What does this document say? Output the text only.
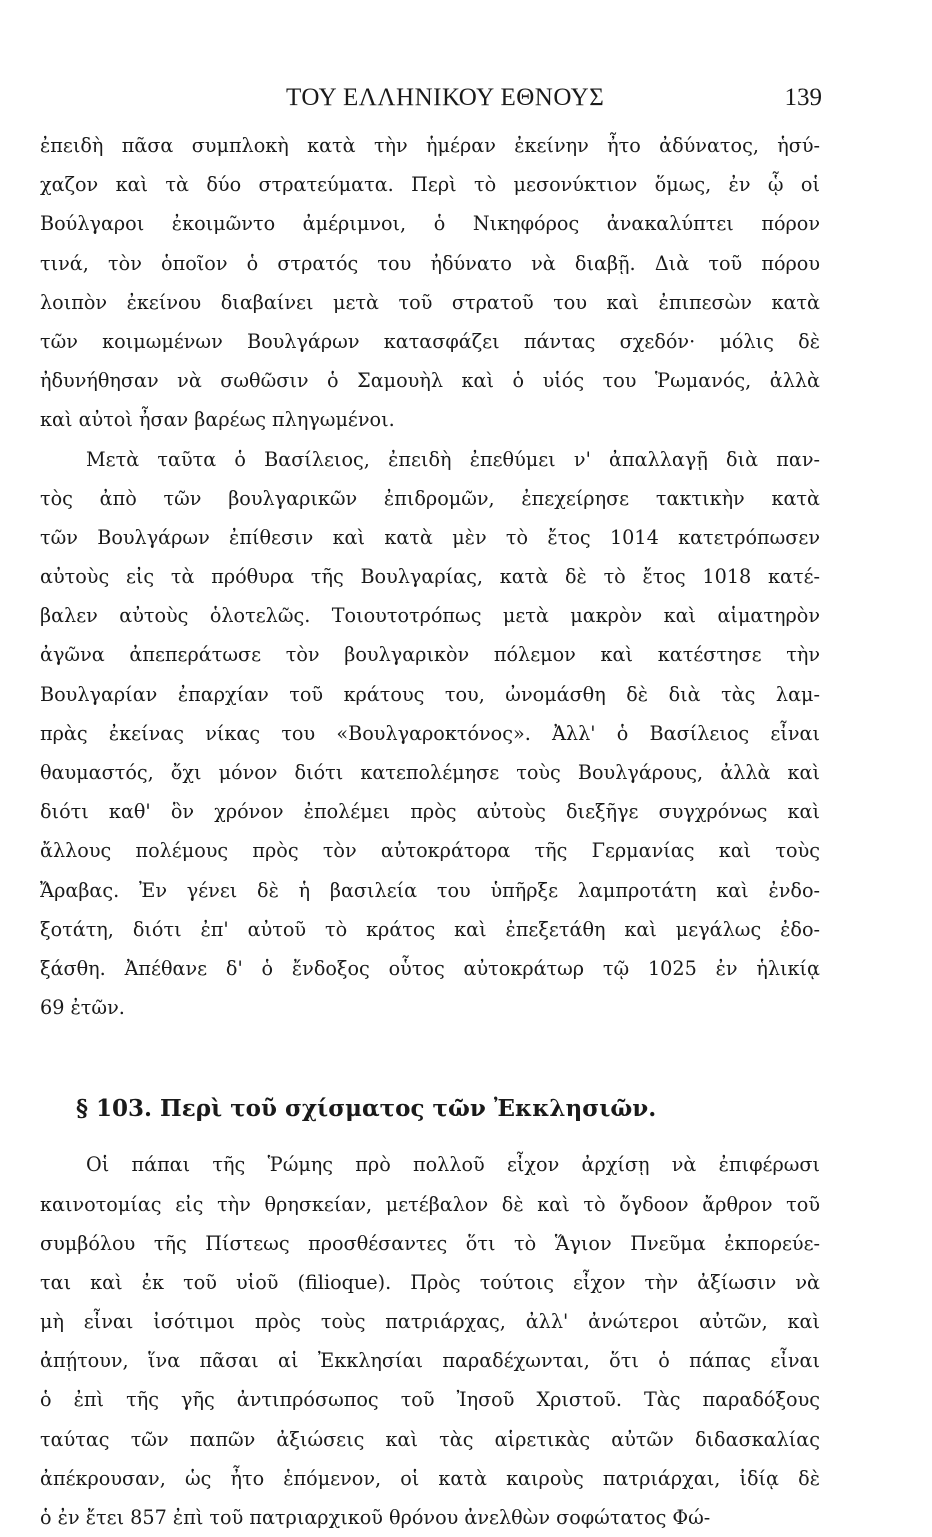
ΤΟΥ ΕΛΛΗΝΙΚΟΥ ΕΘΝΟΥΣ	139
ἐπειδὴ πᾶσα συμπλοκὴ κατὰ τὴν ἡμέραν ἐκείνην ἦτο ἀδύνατος, ἡσύ-
χαζον καὶ τὰ δύο στρατεύματα. Περὶ τὸ μεσονύκτιον ὅμως, ἐν ᾧ οἱ
Βούλγαροι ἐκοιμῶντο ἀμέριμνοι, ὁ Νικηφόρος ἀνακαλύπτει πόρον
τινά, τὸν ὁποῖον ὁ στρατός του ἠδύνατο νὰ διαβῇ. Διὰ τοῦ πόρου
λοιπὸν ἐκείνου διαβαίνει μετὰ τοῦ στρατοῦ του καὶ ἐπιπεσὼν κατὰ
τῶν κοιμωμένων Βουλγάρων κατασφάζει πάντας σχεδόν· μόλις δὲ
ἠδυνήθησαν νὰ σωθῶσιν ὁ Σαμουὴλ καὶ ὁ υἱός του Ῥωμανός, ἀλλὰ
καὶ αὐτοὶ ἦσαν βαρέως πληγωμένοι.
Μετὰ ταῦτα ὁ Βασίλειος, ἐπειδὴ ἐπεθύμει ν' ἀπαλλαγῇ διὰ παν-
τὸς ἀπὸ τῶν βουλγαρικῶν ἐπιδρομῶν, ἐπεχείρησε τακτικὴν κατὰ
τῶν Βουλγάρων ἐπίθεσιν καὶ κατὰ μὲν τὸ ἔτος 1014 κατετρόπωσεν
αὐτοὺς εἰς τὰ πρόθυρα τῆς Βουλγαρίας, κατὰ δὲ τὸ ἔτος 1018 κατέ-
βαλεν αὐτοὺς ὁλοτελῶς. Τοιουτοτρόπως μετὰ μακρὸν καὶ αἱματηρὸν
ἀγῶνα ἀπεπεράτωσε τὸν βουλγαρικὸν πόλεμον καὶ κατέστησε τὴν
Βουλγαρίαν ἐπαρχίαν τοῦ κράτους του, ὠνομάσθη δὲ διὰ τὰς λαμ-
πρὰς ἐκείνας νίκας του «Βουλγαροκτόνος». Ἀλλ' ὁ Βασίλειος εἶναι
θαυμαστός, ὄχι μόνον διότι κατεπολέμησε τοὺς Βουλγάρους, ἀλλὰ καὶ
διότι καθ' ὃν χρόνον ἐπολέμει πρὸς αὐτοὺς διεξῆγε συγχρόνως καὶ
ἄλλους πολέμους πρὸς τὸν αὐτοκράτορα τῆς Γερμανίας καὶ τοὺς
Ἄραβας. Ἐν γένει δὲ ἡ βασιλεία του ὑπῆρξε λαμπροτάτη καὶ ἐνδο-
ξοτάτη, διότι ἐπ' αὐτοῦ τὸ κράτος καὶ ἐπεξετάθη καὶ μεγάλως ἐδο-
ξάσθη. Ἀπέθανε δ' ὁ ἔνδοξος οὗτος αὐτοκράτωρ τῷ 1025 ἐν ἡλικίᾳ
69 ἐτῶν.
§ 103. Περὶ τοῦ σχίσματος τῶν Ἐκκλησιῶν.
Οἱ πάπαι τῆς Ῥώμης πρὸ πολλοῦ εἶχον ἀρχίσῃ νὰ ἐπιφέρωσι
καινοτομίας εἰς τὴν θρησκείαν, μετέβαλον δὲ καὶ τὸ ὄγδοον ἄρθρον τοῦ
συμβόλου τῆς Πίστεως προσθέσαντες ὅτι τὸ Ἅγιον Πνεῦμα ἐκπορεύε-
ται καὶ ἐκ τοῦ υἱοῦ (filioque). Πρὸς τούτοις εἶχον τὴν ἀξίωσιν νὰ
μὴ εἶναι ἰσότιμοι πρὸς τοὺς πατριάρχας, ἀλλ' ἀνώτεροι αὐτῶν, καὶ
ἀπῄτουν, ἵνα πᾶσαι αἱ Ἐκκλησίαι παραδέχωνται, ὅτι ὁ πάπας εἶναι
ὁ ἐπὶ τῆς γῆς ἀντιπρόσωπος τοῦ Ἰησοῦ Χριστοῦ. Τὰς παραδόξους
ταύτας τῶν παπῶν ἀξιώσεις καὶ τὰς αἱρετικὰς αὐτῶν διδασκαλίας
ἀπέκρουσαν, ὡς ἦτο ἑπόμενον, οἱ κατὰ καιροὺς πατριάρχαι, ἰδίᾳ δὲ
ὁ ἐν ἔτει 857 ἐπὶ τοῦ πατριαρχικοῦ θρόνου ἀνελθὼν σοφώτατος Φώ-
